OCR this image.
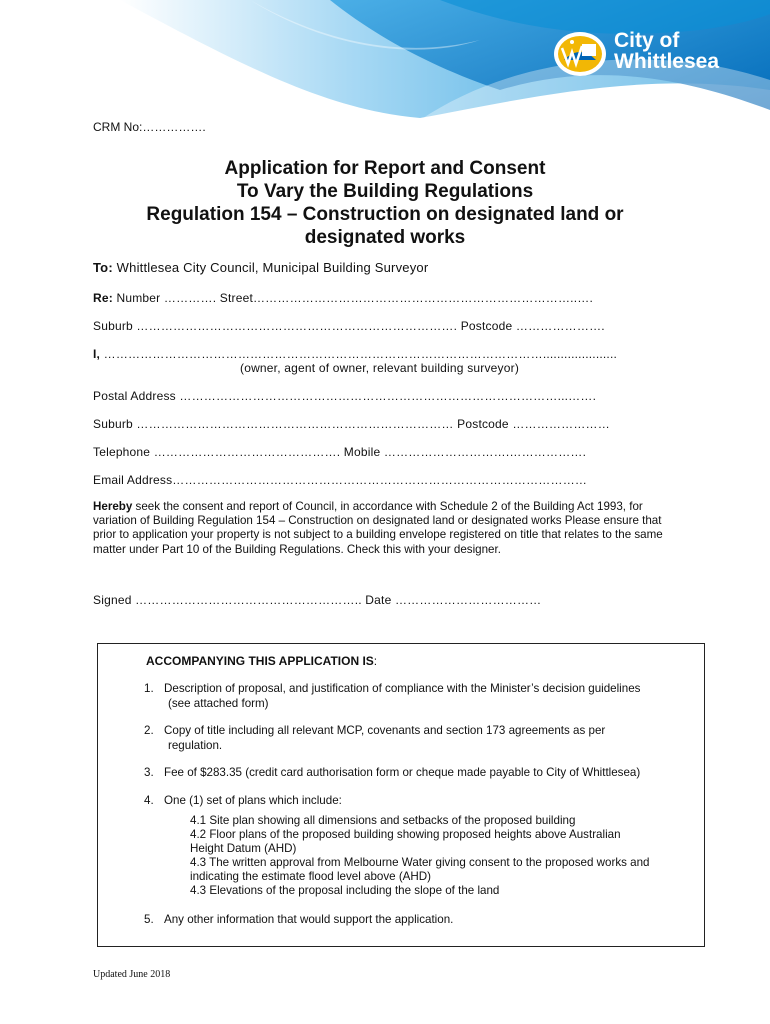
City of
Whittlesea
CRM No:…………….
Application for Report and Consent
To Vary the Building Regulations
Regulation 154 – Construction on designated land or
designated works
To: Whittlesea City Council, Municipal Building Surveyor
Re: Number …………. Street……………………………………………………………………..….
Suburb ……………………………………………………………………. Postcode ………………….
I, ……………………………………………………………………………………………….....................
(owner, agent of owner, relevant building surveyor)
Postal Address …………………………………………………………………………………...…….
Suburb …………………………………………………………………… Postcode ……………………
Telephone ………………………………………. Mobile ………………………….……………….
Email Address…………………………………………………………………………………………
Hereby seek the consent and report of Council, in accordance with Schedule 2 of the Building Act 1993, for variation of Building Regulation 154 – Construction on designated land or designated works Please ensure that prior to application your property is not subject to a building envelope registered on title that relates to the same matter under Part 10 of the Building Regulations. Check this with your designer.
Signed ……………………………………………….. Date ………………………………
ACCOMPANYING THIS APPLICATION IS:
1. Description of proposal, and justification of compliance with the Minister’s decision guidelines
(see attached form)
2. Copy of title including all relevant MCP, covenants and section 173 agreements as per
regulation.
3. Fee of $283.35 (credit card authorisation form or cheque made payable to City of Whittlesea)
4. One (1) set of plans which include:
4.1 Site plan showing all dimensions and setbacks of the proposed building
4.2 Floor plans of the proposed building showing proposed heights above Australian
Height Datum (AHD)
4.3 The written approval from Melbourne Water giving consent to the proposed works and
indicating the estimate flood level above (AHD)
4.3 Elevations of the proposal including the slope of the land
5. Any other information that would support the application.
Updated June 2018
